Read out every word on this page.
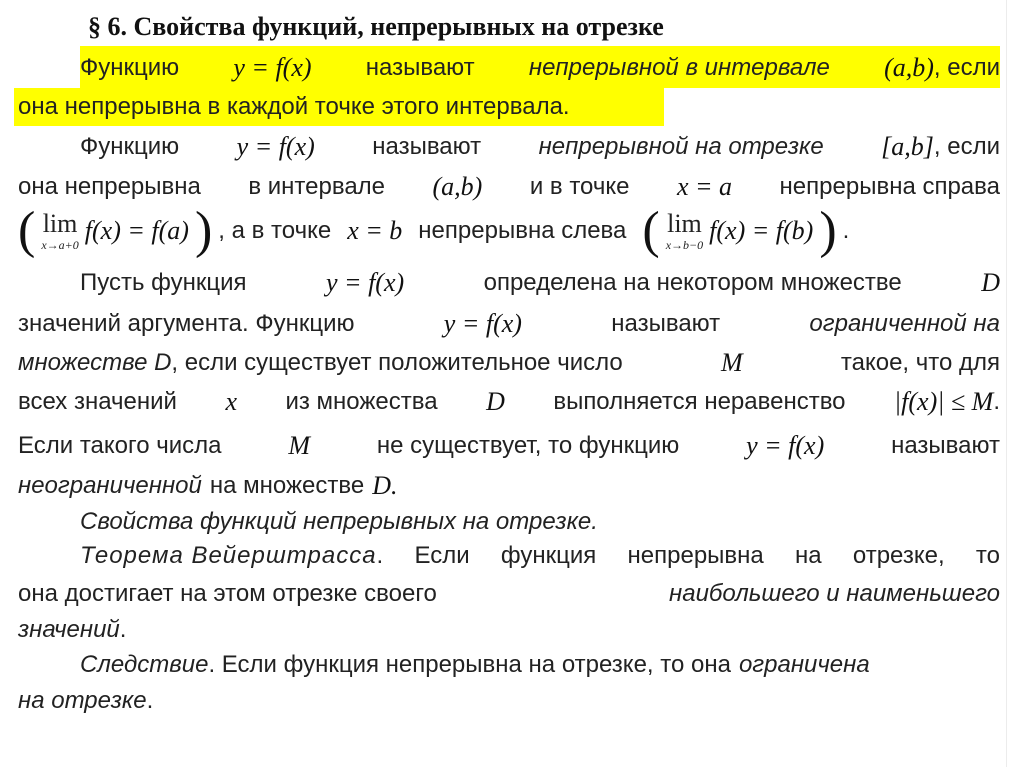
§ 6. Свойства функций, непрерывных на отрезке
Функцию y = f(x) называют непрерывной в интервале (a,b) , если
она непрерывна в каждой точке этого интервала.
Функцию y = f(x) называют непрерывной на отрезке [a,b] , если
она непрерывна в интервале (a,b) и в точке x = a непрерывна справа
( lim
x→a+0 f(x) = f(a) ) , а в точке x = b непрерывна слева ( lim
x→b−0 f(x) = f(b) ) .
Пусть функция	y = f(x)	определена на некотором множестве	D
значений аргумента. Функцию	y = f(x)	называют	ограниченной на
множестве D , если существует положительное число	M	такое, что для
всех значений x из множества D выполняется неравенство |f(x)| ≤ M .
Если такого числа	M	не существует, то функцию	y = f(x)	называют
неограниченной на множестве D.
Свойства функций непрерывных на отрезке.
Теорема Вейерштрасса . Если функция непрерывна на отрезке, то
она достигает на этом отрезке своего	наибольшего и наименьшего
значений .
Следствие . Если функция непрерывна на отрезке, то она ограничена
на отрезке .
